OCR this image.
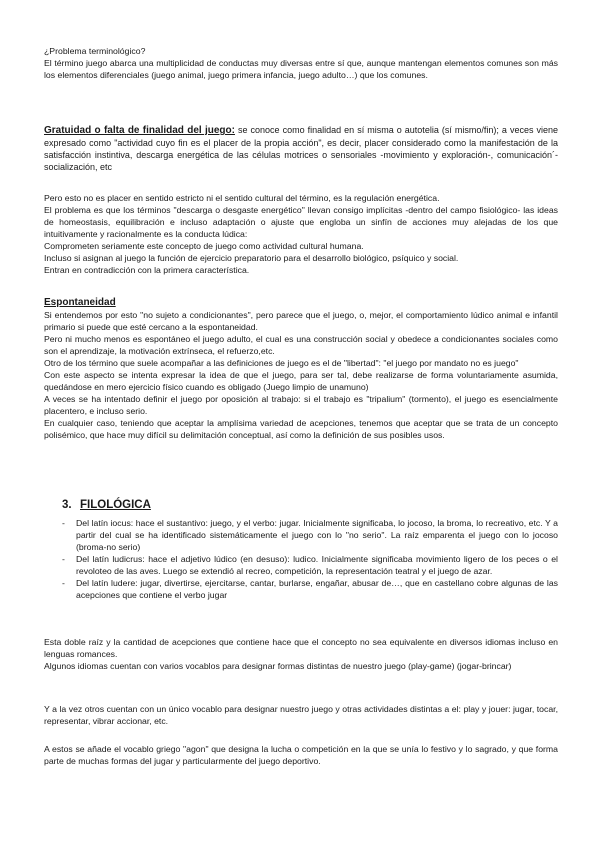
¿Problema terminológico?

El término juego abarca una multiplicidad de conductas muy diversas entre sí que, aunque mantengan elementos comunes son más los elementos diferenciales (juego animal, juego primera infancia, juego adulto…) que los comunes.

Gratuidad o falta de finalidad del juego: se conoce como finalidad en sí misma o autotelia (sí mismo/fin); a veces viene expresado como "actividad cuyo fin es el placer de la propia acción", es decir, placer considerado como la manifestación de la satisfacción instintiva, descarga energética de las células motrices o sensoriales -movimiento y exploración-, comunicación´-socialización, etc

Pero esto no es placer en sentido estricto ni el sentido cultural del término, es la regulación energética.

El problema es que los términos "descarga o desgaste energético" llevan consigo implícitas -dentro del campo fisiológico- las ideas de homeostasis, equilibración e incluso adaptación o ajuste que engloba un sinfín de acciones muy alejadas de los que intuitivamente y racionalmente es la conducta lúdica:

Comprometen seriamente este concepto de juego como actividad cultural humana.

Incluso si asignan al juego la función de ejercicio preparatorio para el desarrollo biológico, psíquico y social.

Entran en contradicción con la primera característica.

Espontaneidad

Si entendemos por esto "no sujeto a condicionantes", pero parece que el juego, o, mejor, el comportamiento lúdico animal e infantil primario si puede que esté cercano a la espontaneidad.

Pero ni mucho menos es espontáneo el juego adulto, el cual es una construcción social y obedece a condicionantes sociales como son el aprendizaje, la motivación extrínseca, el refuerzo,etc.

Otro de los término que suele acompañar a las definiciones de juego es el de "libertad": "el juego por mandato no es juego"

Con este aspecto se intenta expresar la idea de que el juego, para ser tal, debe realizarse de forma voluntariamente asumida, quedándose en mero ejercicio físico cuando es obligado (Juego limpio de unamuno)

A veces se ha intentado definir el juego por oposición al trabajo: si el trabajo es "tripalium" (tormento), el juego es esencialmente placentero, e incluso serio.

En cualquier caso, teniendo que aceptar la amplísima variedad de acepciones, tenemos que aceptar que se trata de un concepto polisémico, que hace muy difícil su delimitación conceptual, así como la definición de sus posibles usos.

3. FILOLÓGICA
- Del latín iocus: hace el sustantivo: juego, y el verbo: jugar. Inicialmente significaba, lo jocoso, la broma, lo recreativo, etc. Y a partir del cual se ha identificado sistemáticamente el juego con lo "no serio". La raíz emparenta el juego con lo jocoso (broma-no serio)
- Del latín ludicrus: hace el adjetivo lúdico (en desuso): ludico. Inicialmente significaba movimiento ligero de los peces o el revoloteo de las aves. Luego se extendió al recreo, competición, la representación teatral y el juego de azar.
- Del latín ludere: jugar, divertirse, ejercitarse, cantar, burlarse, engañar, abusar de…, que en castellano cobre algunas de las acepciones que contiene el verbo jugar

Esta doble raíz y la cantidad de acepciones que contiene hace que el concepto no sea equivalente en diversos idiomas incluso en lenguas romances.

Algunos idiomas cuentan con varios vocablos para designar formas distintas de nuestro juego (play-game) (jogar-brincar)

Y a la vez otros cuentan con un único vocablo para designar nuestro juego y otras actividades distintas a el: play y jouer: jugar, tocar, representar, vibrar accionar, etc.

A estos se añade el vocablo griego "agon" que designa la lucha o competición en la que se unía lo festivo y lo sagrado, y que forma parte de muchas formas del jugar y particularmente del juego deportivo.
